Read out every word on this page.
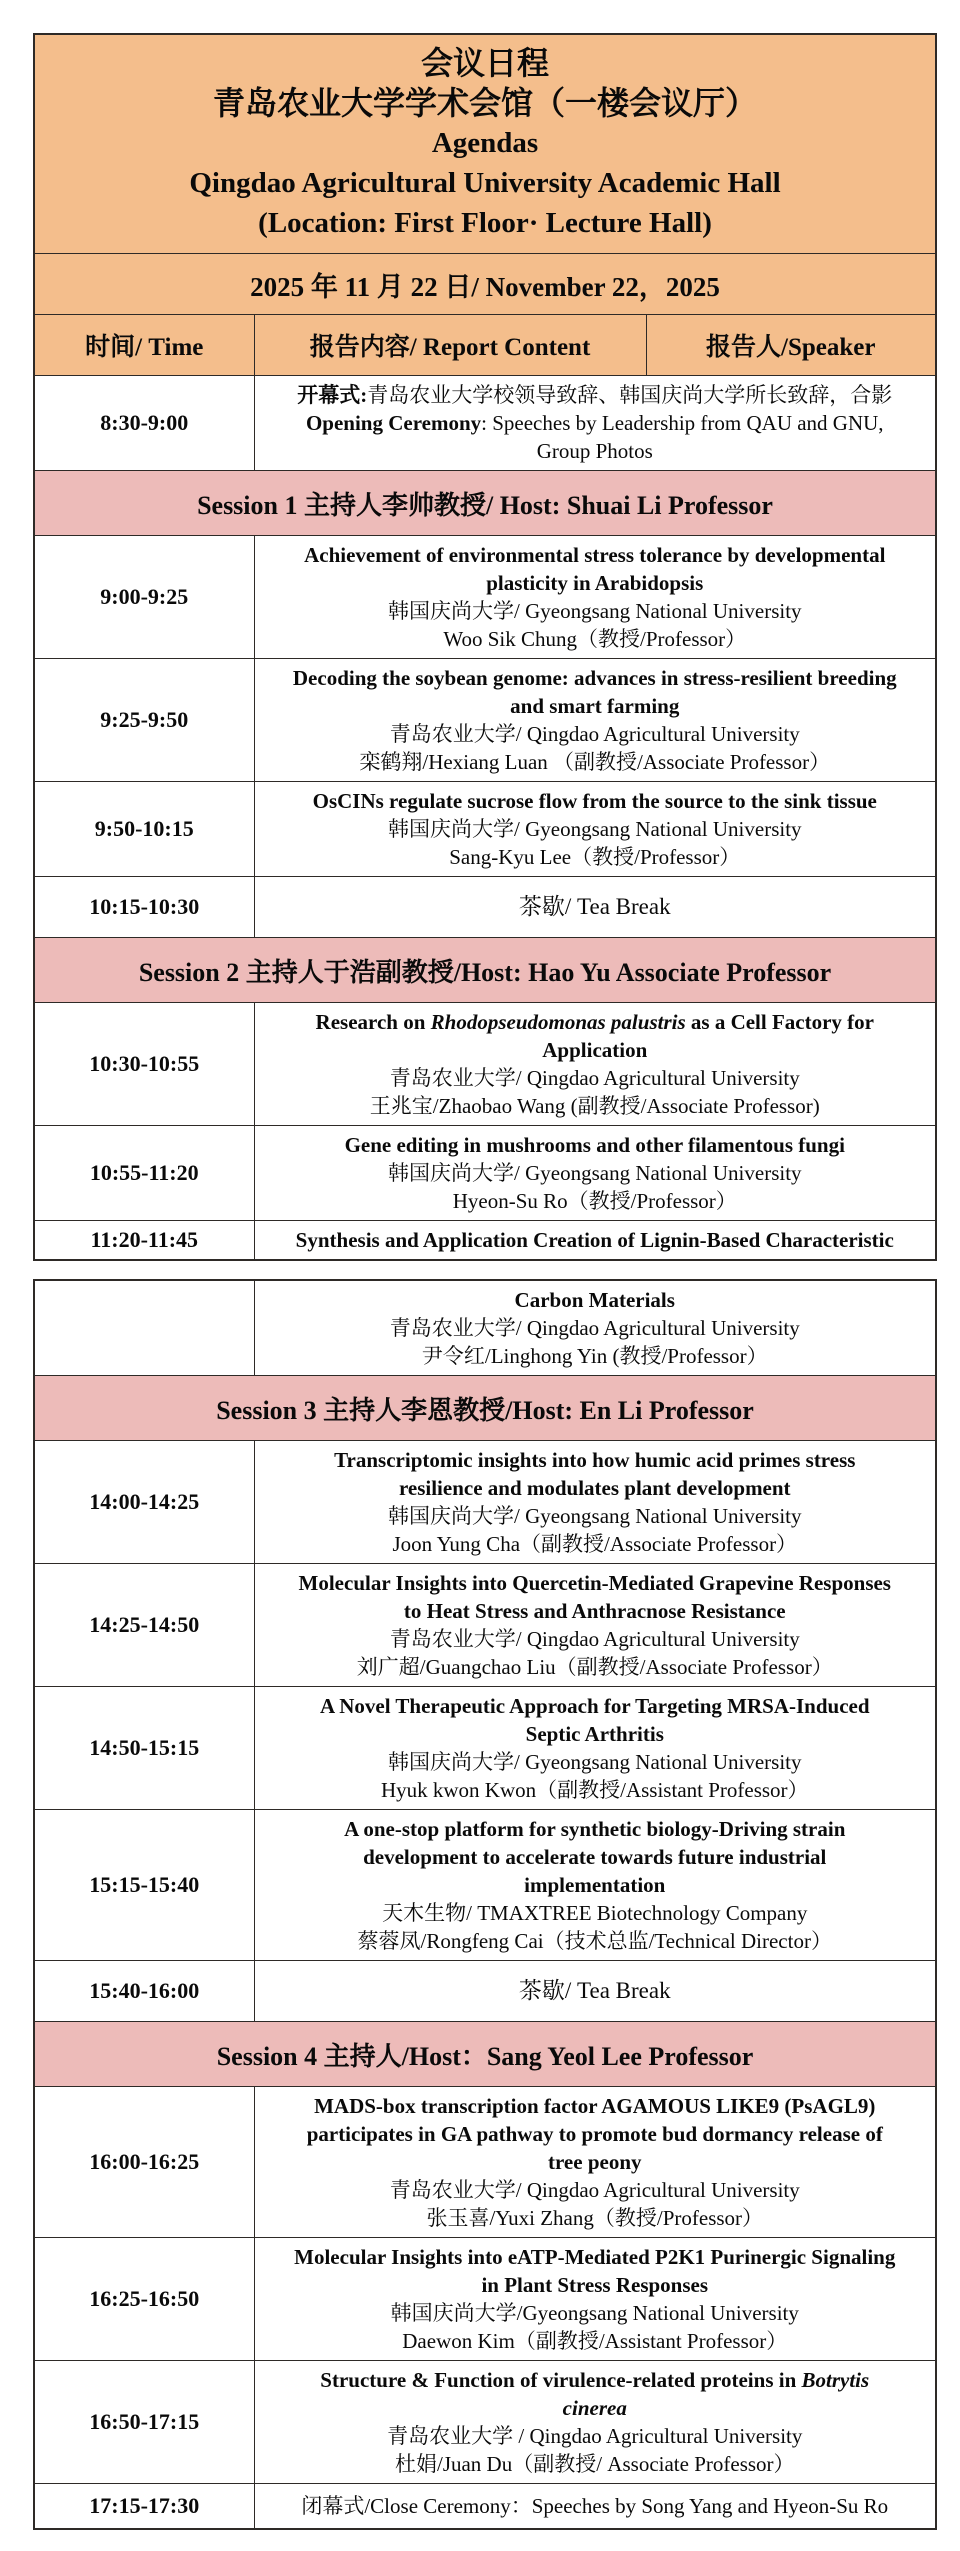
会议日程
青岛农业大学学术会馆（一楼会议厅）
Agendas
Qingdao Agricultural University Academic Hall
(Location: First Floor· Lecture Hall)		

2025 年 11 月 22 日/ November 22，2025		
时间/ Time	报告内容/ Report Content	报告人/Speaker
8:30-9:00	开幕式:青岛农业大学校领导致辞、韩国庆尚大学所长致辞，合影
Opening Ceremony: Speeches by Leadership from QAU and GNU,
Group Photos	

Session 1 主持人李帅教授/ Host: Shuai Li Professor		
9:00-9:25	Achievement of environmental stress tolerance by developmental
plasticity in Arabidopsis
韩国庆尚大学/ Gyeongsang National University
Woo Sik Chung（教授/Professor）	

9:25-9:50	Decoding the soybean genome: advances in stress-resilient breeding
and smart farming
青岛农业大学/ Qingdao Agricultural University
栾鹤翔/Hexiang Luan （副教授/Associate Professor）	

9:50-10:15	OsCINs regulate sucrose flow from the source to the sink tissue
韩国庆尚大学/ Gyeongsang National University
Sang-Kyu Lee（教授/Professor）	

10:15-10:30	茶歇/ Tea Break	
Session 2 主持人于浩副教授/Host: Hao Yu Associate Professor		
10:30-10:55	Research on Rhodopseudomonas palustris as a Cell Factory for
Application
青岛农业大学/ Qingdao Agricultural University
王兆宝/Zhaobao Wang (副教授/Associate Professor)	

10:55-11:20	Gene editing in mushrooms and other filamentous fungi
韩国庆尚大学/ Gyeongsang National University
Hyeon-Su Ro（教授/Professor）	

11:20-11:45	Synthesis and Application Creation of Lignin-Based Characteristic	

	Carbon Materials
青岛农业大学/ Qingdao Agricultural University
尹令红/Linghong Yin (教授/Professor）

Session 3 主持人李恩教授/Host: En Li Professor	
14:00-14:25	Transcriptomic insights into how humic acid primes stress
resilience and modulates plant development
韩国庆尚大学/ Gyeongsang National University
Joon Yung Cha（副教授/Associate Professor）

14:25-14:50	Molecular Insights into Quercetin-Mediated Grapevine Responses
to Heat Stress and Anthracnose Resistance
青岛农业大学/ Qingdao Agricultural University
刘广超/Guangchao Liu（副教授/Associate Professor）

14:50-15:15	A Novel Therapeutic Approach for Targeting MRSA-Induced
Septic Arthritis
韩国庆尚大学/ Gyeongsang National University
Hyuk kwon Kwon（副教授/Assistant Professor）

15:15-15:40	A one-stop platform for synthetic biology-Driving strain
development to accelerate towards future industrial
implementation
天木生物/ TMAXTREE Biotechnology Company
蔡蓉凤/Rongfeng Cai（技术总监/Technical Director）

15:40-16:00	茶歇/ Tea Break
Session 4 主持人/Host：Sang Yeol Lee Professor	
16:00-16:25	MADS-box transcription factor AGAMOUS LIKE9 (PsAGL9)
participates in GA pathway to promote bud dormancy release of
tree peony
青岛农业大学/ Qingdao Agricultural University
张玉喜/Yuxi Zhang（教授/Professor）

16:25-16:50	Molecular Insights into eATP-Mediated P2K1 Purinergic Signaling
in Plant Stress Responses
韩国庆尚大学/Gyeongsang National University
Daewon Kim（副教授/Assistant Professor）

16:50-17:15	Structure & Function of virulence-related proteins in Botrytis
cinerea
青岛农业大学 / Qingdao Agricultural University
杜娟/Juan Du（副教授/ Associate Professor）

17:15-17:30	闭幕式/Close Ceremony：Speeches by Song Yang and Hyeon-Su Ro
